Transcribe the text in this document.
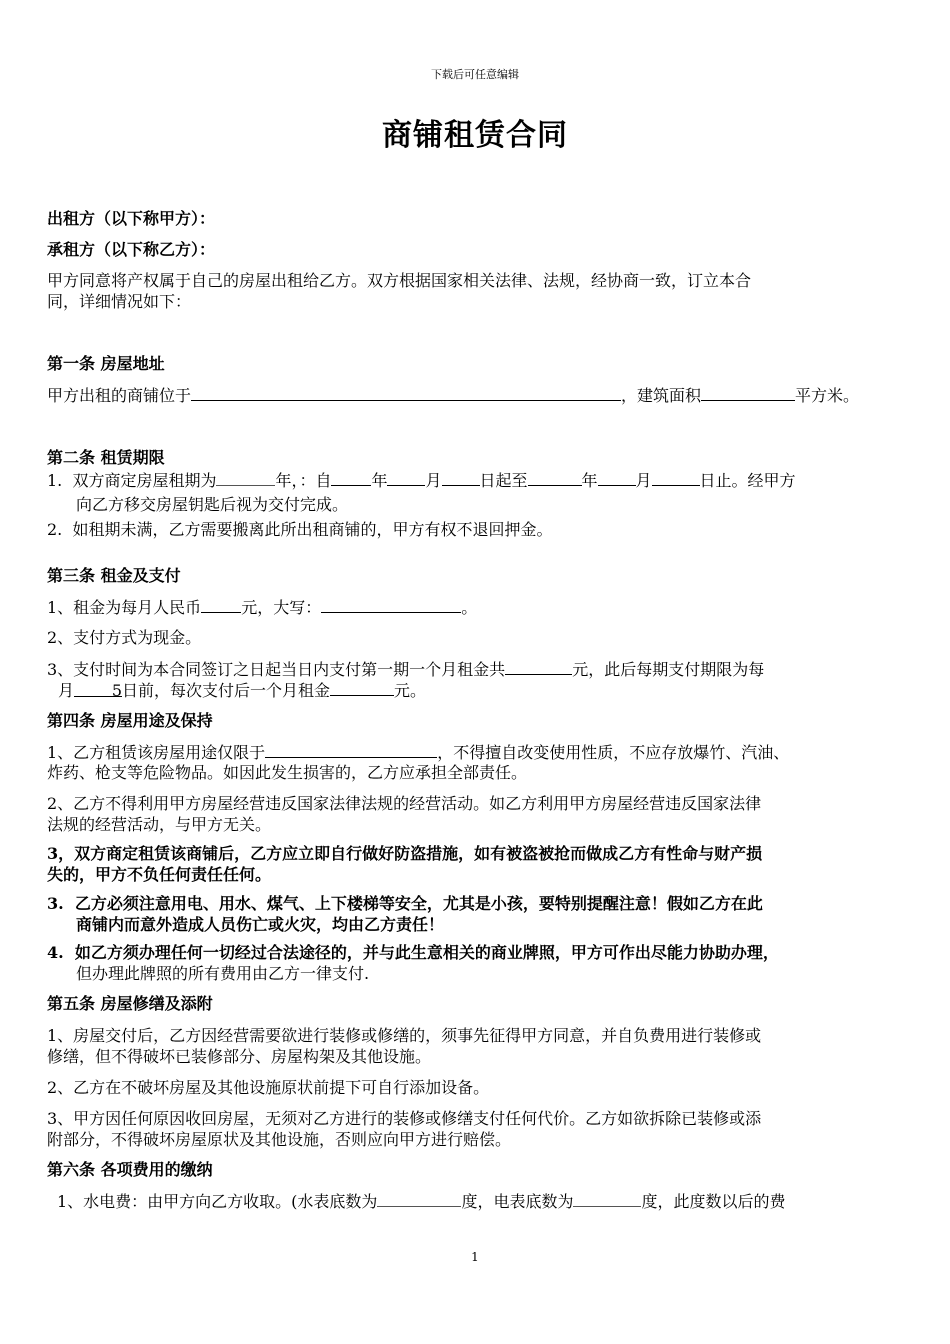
下载后可任意编辑
商铺租赁合同
出租方（以下称甲方）：
承租方（以下称乙方）：
甲方同意将产权属于自己的房屋出租给乙方。双方根据国家相关法律、法规，经协商一致，订立本合
同，详细情况如下：
第一条 房屋地址
甲方出租的商铺位于	，建筑面积	平方米。
第二条 租赁期限
1. 双方商定房屋租期为	年，：自	年 月 日起至	年 月	日止。经甲方
向乙方移交房屋钥匙后视为交付完成。
2. 如租期未满，乙方需要搬离此所出租商铺的，甲方有权不退回押金。
第三条 租金及支付
1、租金为每月人民币	元，大写：	。
2、支付方式为现金。
3、支付时间为本合同签订之日起当日内支付第一期一个月租金共	元，此后每期支付期限为每
月 5日前，每次支付后一个月租金	元。
第四条 房屋用途及保持
1、乙方租赁该房屋用途仅限于	，不得擅自改变使用性质，不应存放爆竹、汽油、
炸药、枪支等危险物品。如因此发生损害的，乙方应承担全部责任。
2、乙方不得利用甲方房屋经营违反国家法律法规的经营活动。如乙方利用甲方房屋经营违反国家法律
法规的经营活动，与甲方无关。
3，双方商定租赁该商铺后，乙方应立即自行做好防盗措施，如有被盗被抢而做成乙方有性命与财产损
失的，甲方不负任何责任任何。
3. 乙方必须注意用电、用水、煤气、上下楼梯等安全，尤其是小孩，要特别提醒注意！假如乙方在此
商铺内而意外造成人员伤亡或火灾，均由乙方责任！
4. 如乙方须办理任何一切经过合法途径的，并与此生意相关的商业牌照，甲方可作出尽能力协助办理，
但办理此牌照的所有费用由乙方一律支付.
第五条 房屋修缮及添附
1、房屋交付后，乙方因经营需要欲进行装修或修缮的，须事先征得甲方同意，并自负费用进行装修或
修缮，但不得破坏已装修部分、房屋构架及其他设施。
2、乙方在不破坏房屋及其他设施原状前提下可自行添加设备。
3、甲方因任何原因收回房屋，无须对乙方进行的装修或修缮支付任何代价。乙方如欲拆除已装修或添
附部分，不得破坏房屋原状及其他设施，否则应向甲方进行赔偿。
第六条 各项费用的缴纳
1、水电费：由甲方向乙方收取。(水表底数为	度，电表底数为	度，此度数以后的费
1
